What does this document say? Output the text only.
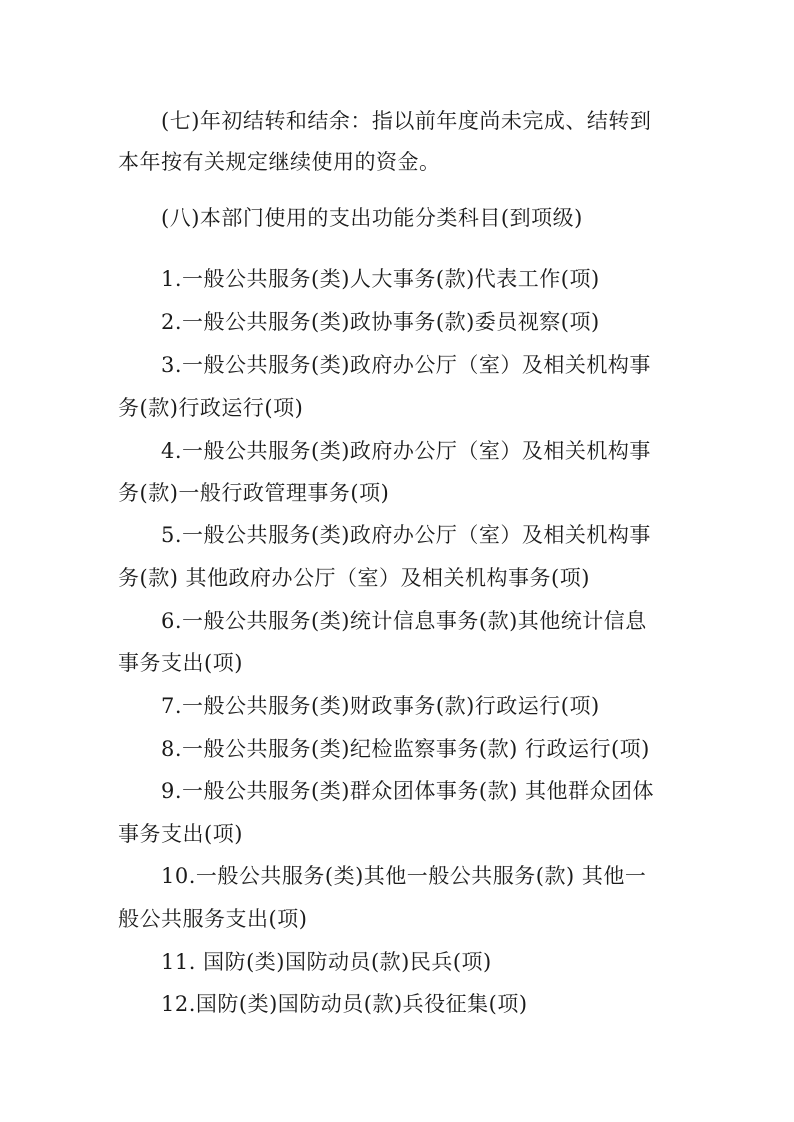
(七)年初结转和结余：指以前年度尚未完成、结转到
本年按有关规定继续使用的资金。
(八)本部门使用的支出功能分类科目(到项级)
1.一般公共服务(类)人大事务(款)代表工作(项)
2.一般公共服务(类)政协事务(款)委员视察(项)
3.一般公共服务(类)政府办公厅（室）及相关机构事
务(款)行政运行(项)
4.一般公共服务(类)政府办公厅（室）及相关机构事
务(款)一般行政管理事务(项)
5.一般公共服务(类)政府办公厅（室）及相关机构事
务(款) 其他政府办公厅（室）及相关机构事务(项)
6.一般公共服务(类)统计信息事务(款)其他统计信息
事务支出(项)
7.一般公共服务(类)财政事务(款)行政运行(项)
8.一般公共服务(类)纪检监察事务(款) 行政运行(项)
9.一般公共服务(类)群众团体事务(款) 其他群众团体
事务支出(项)
10.一般公共服务(类)其他一般公共服务(款) 其他一
般公共服务支出(项)
11. 国防(类)国防动员(款)民兵(项)
12.国防(类)国防动员(款)兵役征集(项)
